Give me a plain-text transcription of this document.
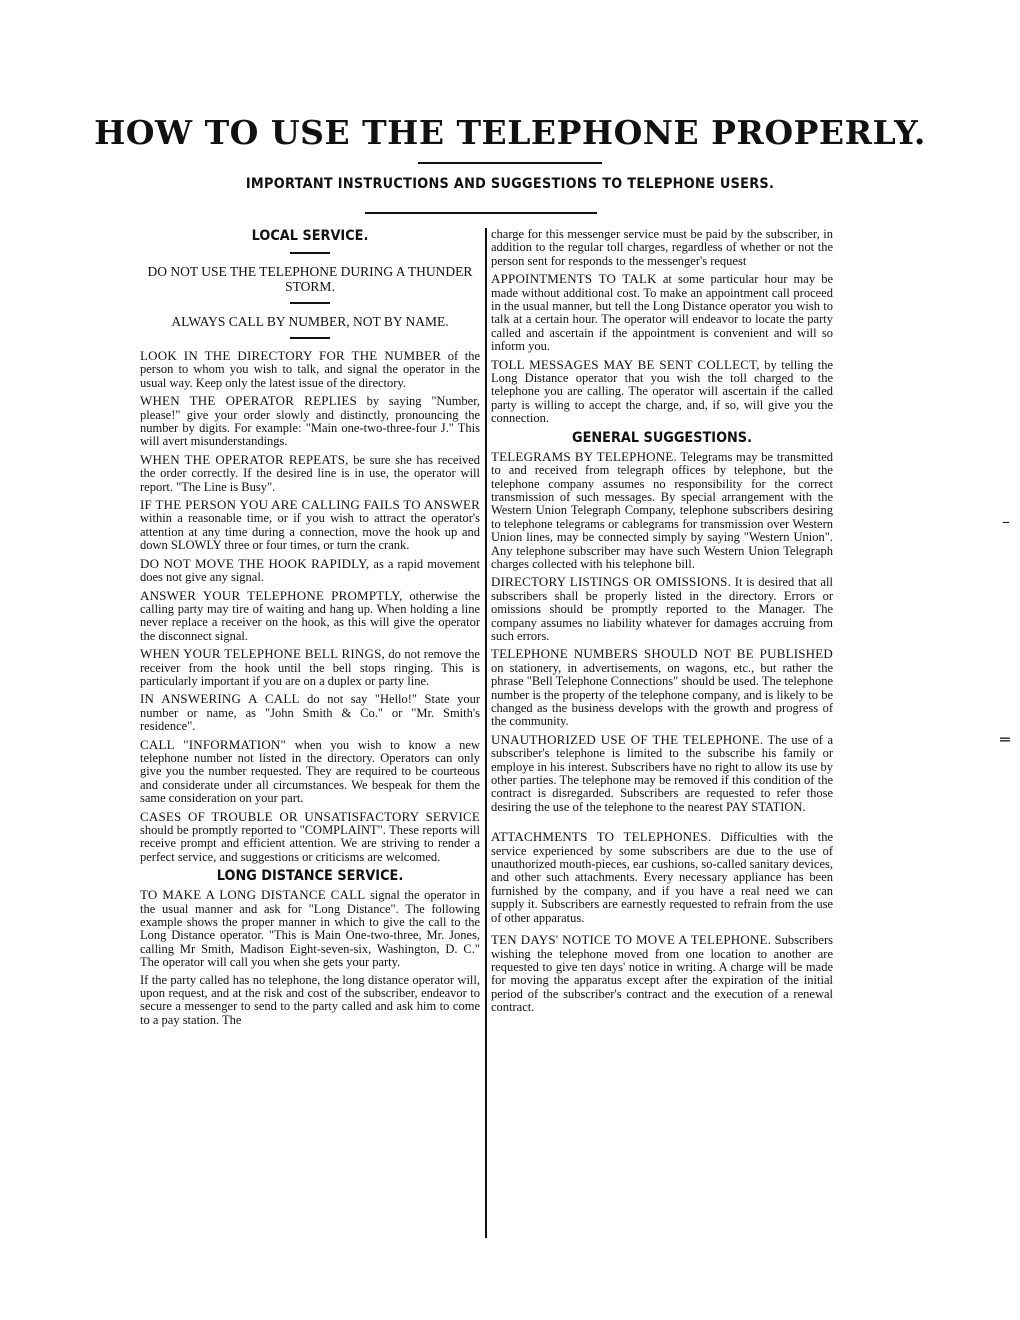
HOW TO USE THE TELEPHONE PROPERLY.
IMPORTANT INSTRUCTIONS AND SUGGESTIONS TO TELEPHONE USERS.
LOCAL SERVICE.

DO NOT USE THE TELEPHONE DURING A THUNDER STORM.

ALWAYS CALL BY NUMBER, NOT BY NAME.

LOOK IN THE DIRECTORY FOR THE NUMBER of the person to whom you wish to talk, and signal the operator in the usual way. Keep only the latest issue of the directory.

WHEN THE OPERATOR REPLIES by saying "Number, please!" give your order slowly and distinctly, pronouncing the number by digits. For example: "Main one-two-three-four J." This will avert misunderstandings.

WHEN THE OPERATOR REPEATS, be sure she has received the order correctly. If the desired line is in use, the operator will report. "The Line is Busy".

IF THE PERSON YOU ARE CALLING FAILS TO ANSWER within a reasonable time, or if you wish to attract the operator's attention at any time during a connection, move the hook up and down SLOWLY three or four times, or turn the crank.

DO NOT MOVE THE HOOK RAPIDLY, as a rapid movement does not give any signal.

ANSWER YOUR TELEPHONE PROMPTLY, otherwise the calling party may tire of waiting and hang up. When holding a line never replace a receiver on the hook, as this will give the operator the disconnect signal.

WHEN YOUR TELEPHONE BELL RINGS, do not remove the receiver from the hook until the bell stops ringing. This is particularly important if you are on a duplex or party line.

IN ANSWERING A CALL do not say "Hello!" State your number or name, as "John Smith & Co." or "Mr. Smith's residence".

CALL "INFORMATION" when you wish to know a new telephone number not listed in the directory. Operators can only give you the number requested. They are required to be courteous and considerate under all circumstances. We bespeak for them the same consideration on your part.

CASES OF TROUBLE OR UNSATISFACTORY SERVICE should be promptly reported to "COMPLAINT". These reports will receive prompt and efficient attention. We are striving to render a perfect service, and suggestions or criticisms are welcomed.

LONG DISTANCE SERVICE.

TO MAKE A LONG DISTANCE CALL signal the operator in the usual manner and ask for "Long Distance". The following example shows the proper manner in which to give the call to the Long Distance operator. "This is Main One-two-three, Mr. Jones, calling Mr Smith, Madison Eight-seven-six, Washington, D. C." The operator will call you when she gets your party.

If the party called has no telephone, the long distance operator will, upon request, and at the risk and cost of the subscriber, endeavor to secure a messenger to send to the party called and ask him to come to a pay station. The

charge for this messenger service must be paid by the subscriber, in addition to the regular toll charges, regardless of whether or not the person sent for responds to the messenger's request

APPOINTMENTS TO TALK at some particular hour may be made without additional cost. To make an appointment call proceed in the usual manner, but tell the Long Distance operator you wish to talk at a certain hour. The operator will endeavor to locate the party called and ascertain if the appointment is convenient and will so inform you.

TOLL MESSAGES MAY BE SENT COLLECT, by telling the Long Distance operator that you wish the toll charged to the telephone you are calling. The operator will ascertain if the called party is willing to accept the charge, and, if so, will give you the connection.

GENERAL SUGGESTIONS.

TELEGRAMS BY TELEPHONE. Telegrams may be transmitted to and received from telegraph offices by telephone, but the telephone company assumes no responsibility for the correct transmission of such messages. By special arrangement with the Western Union Telegraph Company, telephone subscribers desiring to telephone telegrams or cablegrams for transmission over Western Union lines, may be connected simply by saying "Western Union". Any telephone subscriber may have such Western Union Telegraph charges collected with his telephone bill.

DIRECTORY LISTINGS OR OMISSIONS. It is desired that all subscribers shall be properly listed in the directory. Errors or omissions should be promptly reported to the Manager. The company assumes no liability whatever for damages accruing from such errors.

TELEPHONE NUMBERS SHOULD NOT BE PUBLISHED on stationery, in advertisements, on wagons, etc., but rather the phrase "Bell Telephone Connections" should be used. The telephone number is the property of the telephone company, and is likely to be changed as the business develops with the growth and progress of the community.

UNAUTHORIZED USE OF THE TELEPHONE. The use of a subscriber's telephone is limited to the subscribe his family or employe in his interest. Subscribers have no right to allow its use by other parties. The telephone may be removed if this condition of the contract is disregarded. Subscribers are requested to refer those desiring the use of the telephone to the nearest PAY STATION.

ATTACHMENTS TO TELEPHONES. Difficulties with the service experienced by some subscribers are due to the use of unauthorized mouth-pieces, ear cushions, so-called sanitary devices, and other such attachments. Every necessary appliance has been furnished by the company, and if you have a real need we can supply it. Subscribers are earnestly requested to refrain from the use of other apparatus.

TEN DAYS' NOTICE TO MOVE A TELEPHONE. Subscribers wishing the telephone moved from one location to another are requested to give ten days' notice in writing. A charge will be made for moving the apparatus except after the expiration of the initial period of the subscriber's contract and the execution of a renewal contract.

–
═
